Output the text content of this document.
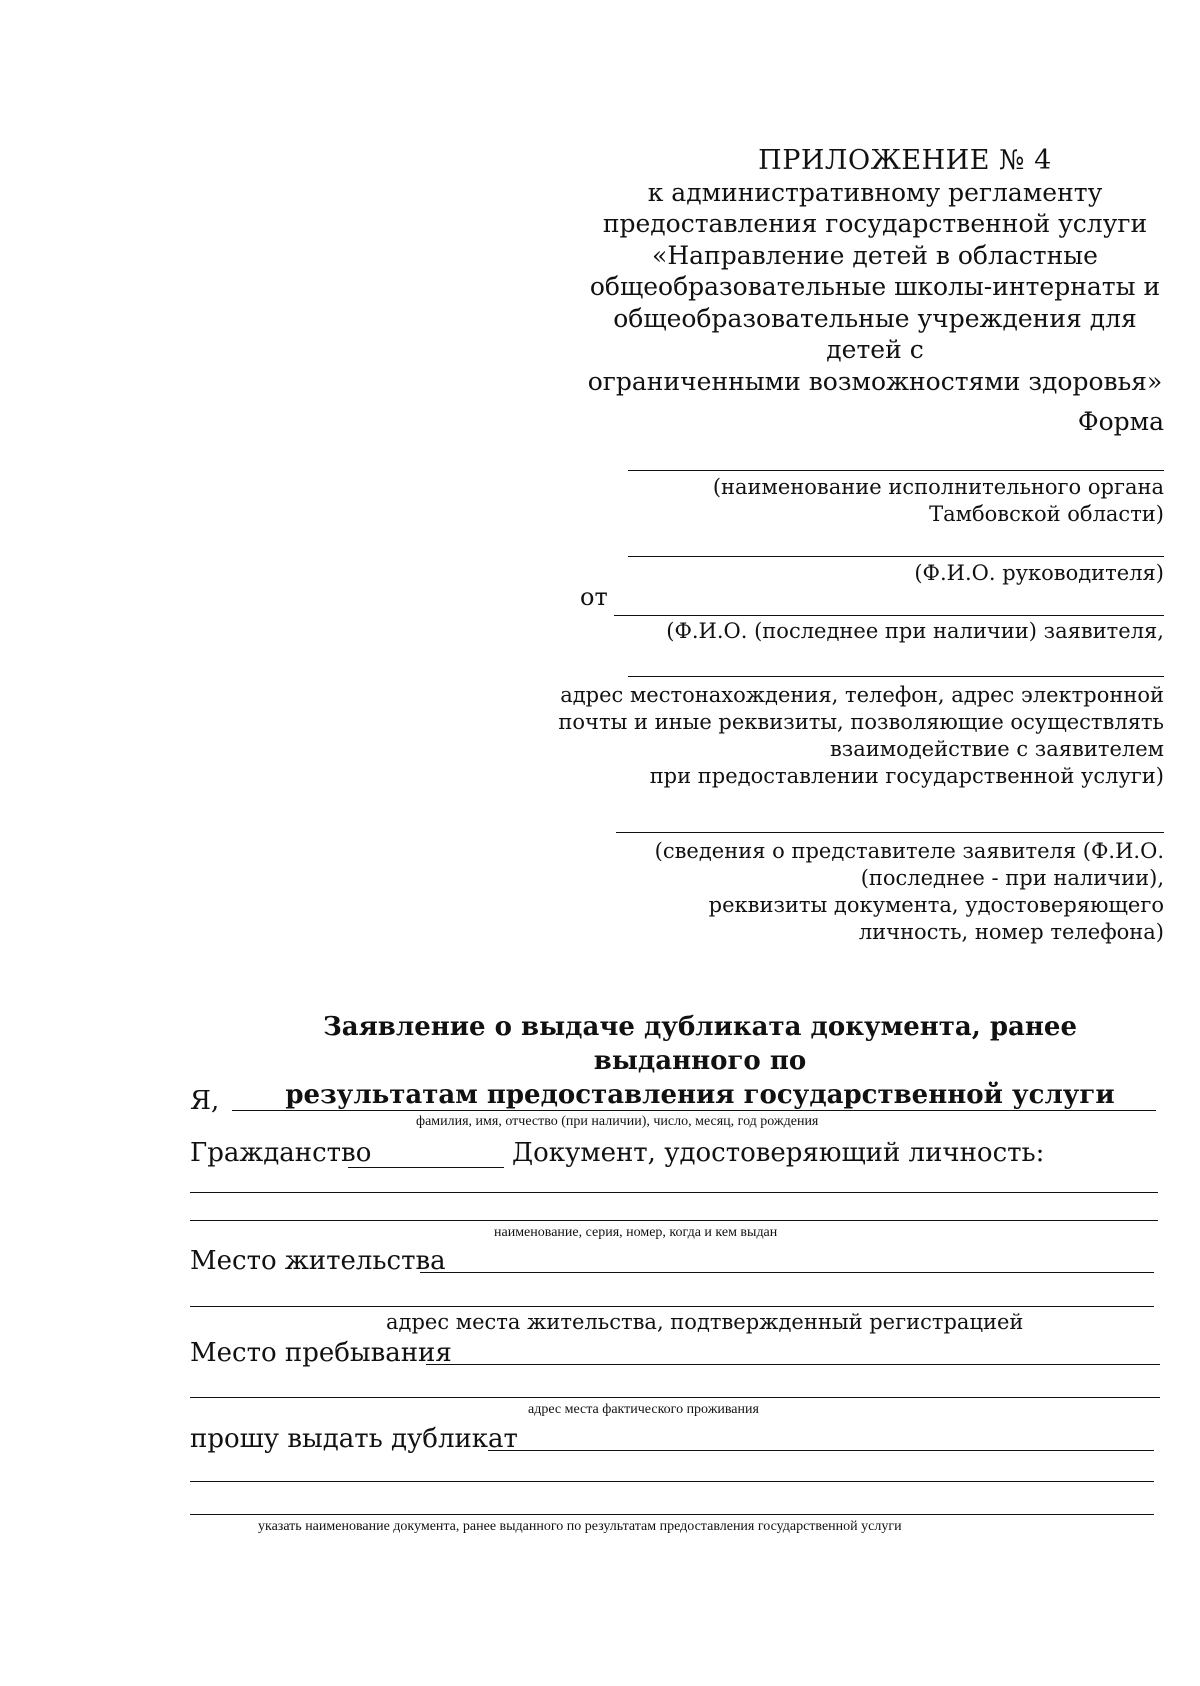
ПРИЛОЖЕНИЕ № 4
к административному регламенту
предоставления государственной услуги
«Направление детей в областные
общеобразовательные школы-интернаты и
общеобразовательные учреждения для детей с
ограниченными возможностями здоровья»
Форма
(наименование исполнительного органа
Тамбовской области)
(Ф.И.О. руководителя)
от
(Ф.И.О. (последнее при наличии) заявителя,
адрес местонахождения, телефон, адрес электронной
почты и иные реквизиты, позволяющие осуществлять
взаимодействие с заявителем
при предоставлении государственной услуги)
(сведения о представителе заявителя (Ф.И.О.
(последнее - при наличии),
реквизиты документа, удостоверяющего
личность, номер телефона)
Заявление о выдаче дубликата документа, ранее выданного по
результатам предоставления государственной услуги
Я,
фамилия, имя, отчество (при наличии), число, месяц, год рождения
Гражданство	Документ, удостоверяющий личность:
наименование, серия, номер, когда и кем выдан
Место жительства
адрес места жительства, подтвержденный регистрацией
Место пребывания
адрес места фактического проживания
прошу выдать дубликат
указать наименование документа, ранее выданного по результатам предоставления государственной услуги
